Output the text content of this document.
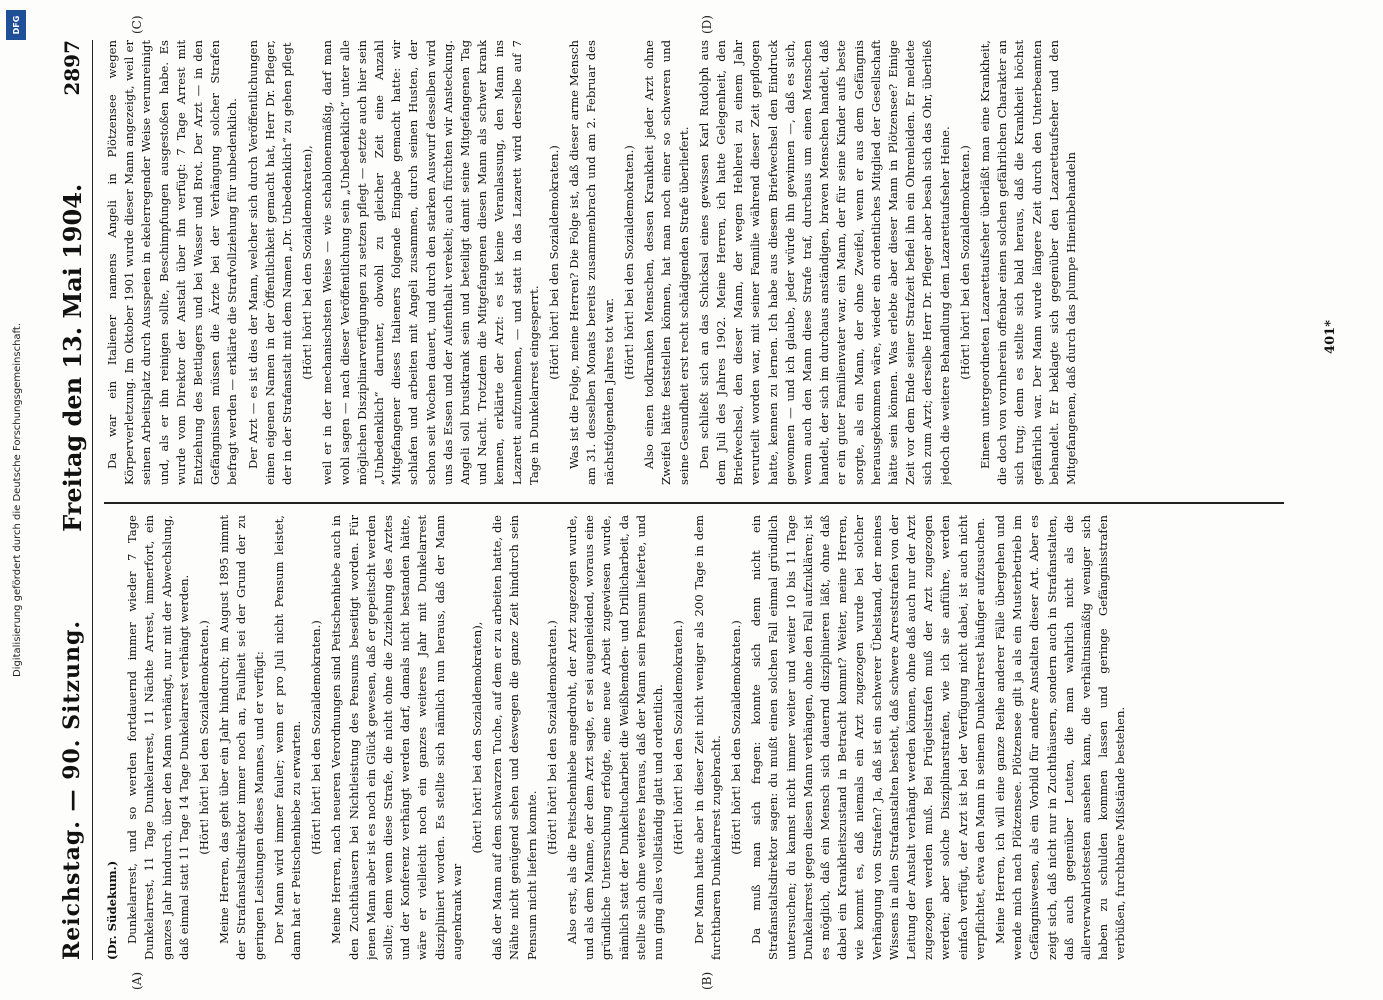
Digitalisierung gefördert durch die Deutsche Forschungsgemeinschaft.
DFG
Reichstag. — 90. Sitzung.
Freitag den 13. Mai 1904.
2897
(A)	(B)
(C)	(D)

(Dr. Südekum.) Dunkelarrest, und so werden fortdauernd immer wieder 7 Tage Dunkelarrest, 11 Tage Dunkelarrest, 11 Nächte Arrest, immerfort, ein ganzes Jahr hindurch, über den Mann verhängt, nur mit der Abwechslung, daß einmal statt 11 Tage 14 Tage Dunkelarrest verhängt werden. (Hört! hört! bei den Sozialdemokraten.) Meine Herren, das geht über ein Jahr hindurch; im August 1895 nimmt der Strafanstaltsdirektor immer noch an, Faulheit sei der Grund der zu geringen Leistungen dieses Mannes, und er verfügt: Der Mann wird immer fauler; wenn er pro Juli nicht Pensum leistet, dann hat er Peitschenhiebe zu erwarten. (Hört! hört! bei den Sozialdemokraten.) Meine Herren, nach neueren Verordnungen sind Peitschenhiebe auch in den Zuchthäusern bei Nichtleistung des Pensums beseitigt worden. Für jenen Mann aber ist es noch ein Glück gewesen, daß er gepeitscht werden sollte; denn wenn diese Strafe, die nicht ohne die Zuziehung des Arztes und der Konferenz verhängt werden darf, damals nicht bestanden hätte, wäre er vielleicht noch ein ganzes weiteres Jahr mit Dunkelarrest diszipliniert worden. Es stellte sich nämlich nun heraus, daß der Mann augenkrank war

(hört! hört! bei den Sozialdemokraten), daß der Mann auf dem schwarzen Tuche, auf dem er zu arbeiten hatte, die Nähte nicht genügend sehen und deswegen die ganze Zeit hindurch sein Pensum nicht liefern konnte.

(Hört! hört! bei den Sozialdemokraten.) Also erst, als die Peitschenhiebe angedroht, der Arzt zugezogen wurde, und als dem Manne, der dem Arzt sagte, er sei augenleidend, woraus eine gründliche Untersuchung erfolgte, eine neue Arbeit zugewiesen wurde, nämlich statt der Dunkeltucharbeit die Weißhemden- und Drillicharbeit, da stellte sich ohne weiteres heraus, daß der Mann sein Pensum lieferte, und nun ging alles vollständig glatt und ordentlich. (Hört! hört! bei den Sozialdemokraten.) Der Mann hatte aber in dieser Zeit nicht weniger als 200 Tage in dem furchtbaren Dunkelarrest zugebracht. (Hört! hört! bei den Sozialdemokraten.) Da muß man sich fragen: konnte sich denn nicht ein Strafanstaltsdirektor sagen: du mußt einen solchen Fall einmal gründlich untersuchen; du kannst nicht immer weiter und weiter 10 bis 11 Tage Dunkelarrest gegen diesen Mann verhängen, ohne den Fall aufzuklären; ist es möglich, daß ein Mensch sich dauernd disziplinieren läßt, ohne daß dabei ein Krankheitszustand in Betracht kommt? Weiter, meine Herren, wie kommt es, daß niemals ein Arzt zugezogen wurde bei solcher Verhängung von Strafen? Ja, daß ist ein schwerer Übelstand, der meines Wissens in allen Strafanstalten besteht, daß schwere Arreststrafen von der Leitung der Anstalt verhängt werden können, ohne daß auch nur der Arzt zugezogen werden muß. Bei Prügelstrafen muß der Arzt zugezogen werden; aber solche Disziplinarstrafen, wie ich sie anführe, werden einfach verfügt, der Arzt ist bei der Verfügung nicht dabei, ist auch nicht verpflichtet, etwa den Mann in seinem Dunkelarrest häufiger aufzusuchen. Meine Herren, ich will eine ganze Reihe anderer Fälle übergehen und wende mich nach Plötzensee. Plötzensee gilt ja als ein Musterbetrieb im Gefängniswesen, als ein Vorbild für andere Anstalten dieser Art. Aber es zeigt sich, daß nicht nur in Zuchthäusern, sondern auch in Strafanstalten, daß auch gegenüber Leuten, die man wahrlich nicht als die allerverwahrlostesten ansehen kann, die verhältnismäßig weniger sich haben zu schulden kommen lassen und geringe Gefängnisstrafen verbüßen, furchtbare Mißstände bestehen.

Da war ein Italiener namens Angeli in Plötzensee wegen Körperverletzung. Im Oktober 1901 wurde dieser Mann angezeigt, weil er seinen Arbeitsplatz durch Ausspeien in ekelerregender Weise verunreinigt und, als er ihn reinigen sollte, Beschimpfungen ausgestoßen habe. Es wurde vom Direktor der Anstalt über ihn verfügt: 7 Tage Arrest mit Entziehung des Bettlagers und bei Wasser und Brot. Der Arzt — in den Gefängnissen müssen die Ärzte bei der Verhängung solcher Strafen befragt werden — erklärte die Strafvollziehung für unbedenklich. Der Arzt — es ist dies der Mann, welcher sich durch Veröffentlichungen einen eigenen Namen in der Öffentlichkeit gemacht hat, Herr Dr. Pfleger, der in der Strafanstalt mit dem Namen „Dr. Unbedenklich“ zu gehen pflegt (Hört! hört! bei den Sozialdemokraten), weil er in der mechanischsten Weise — wie schablonenmäßig, darf man wohl sagen — nach dieser Veröffentlichung sein „Unbedenklich“ unter alle möglichen Disziplinarverfügungen zu setzen pflegt — setzte auch hier sein „Unbedenklich“ darunter, obwohl zu gleicher Zeit eine Anzahl Mitgefangener dieses Italieners folgende Eingabe gemacht hatte: wir schlafen und arbeiten mit Angeli zusammen, durch seinen Husten, der schon seit Wochen dauert, und durch den starken Auswurf desselben wird uns das Essen und der Aufenthalt verekelt; auch fürchten wir Ansteckung. Angeli soll brustkrank sein und beteiligt damit seine Mitgefangenen Tag und Nacht. Trotzdem die Mitgefangenen diesen Mann als schwer krank kennen, erklärte der Arzt: es ist keine Veranlassung, den Mann ins Lazarett aufzunehmen, — und statt in das Lazarett wird derselbe auf 7 Tage in Dunkelarrest eingesperrt.

(Hört! hört! bei den Sozialdemokraten.) Was ist die Folge, meine Herren? Die Folge ist, daß dieser arme Mensch am 31. desselben Monats bereits zusammenbrach und am 2. Februar des nächstfolgenden Jahres tot war.

(Hört! hört! bei den Sozialdemokraten.) Also einen todkranken Menschen, dessen Krankheit jeder Arzt ohne Zweifel hätte feststellen können, hat man noch einer so schweren und seine Gesundheit erst recht schädigenden Strafe überliefert. Den schließt sich an das Schicksal eines gewissen Karl Rudolph aus dem Juli des Jahres 1902. Meine Herren, ich hatte Gelegenheit, den Briefwechsel, den dieser Mann, der wegen Hehlerei zu einem Jahr verurteilt worden war, mit seiner Familie während dieser Zeit gepflogen hatte, kennen zu lernen. Ich habe aus diesem Briefwechsel den Eindruck gewonnen — und ich glaube, jeder würde ihn gewinnen —, daß es sich, wenn auch den Mann diese Strafe traf, durchaus um einen Menschen handelt, der sich im durchaus anständigen, braven Menschen handelt, daß er ein guter Familienvater war, ein Mann, der für seine Kinder aufs beste sorgte, als ein Mann, der ohne Zweifel, wenn er aus dem Gefängnis herausgekommen wäre, wieder ein ordentliches Mitglied der Gesellschaft hätte sein können. Was erlebte aber dieser Mann in Plötzensee? Einige Zeit vor dem Ende seiner Strafzeit befiel ihn ein Ohrenleiden. Er meldete sich zum Arzt; derselbe Herr Dr. Pfleger aber besah sich das Ohr, überließ jedoch die weitere Behandlung dem Lazarettaufseher Heine. (Hört! hört! bei den Sozialdemokraten.) Einem untergeordneten Lazarettaufseher überläßt man eine Krankheit, die doch von vornherein offenbar einen solchen gefährlichen Charakter an sich trug; denn es stellte sich bald heraus, daß die Krankheit höchst gefährlich war. Der Mann wurde längere Zeit durch den Unterbeamten behandelt. Er beklagte sich gegenüber den Lazarettaufseher und den Mitgefangenen, daß durch das plumpe Hineinbehandeln	401*
